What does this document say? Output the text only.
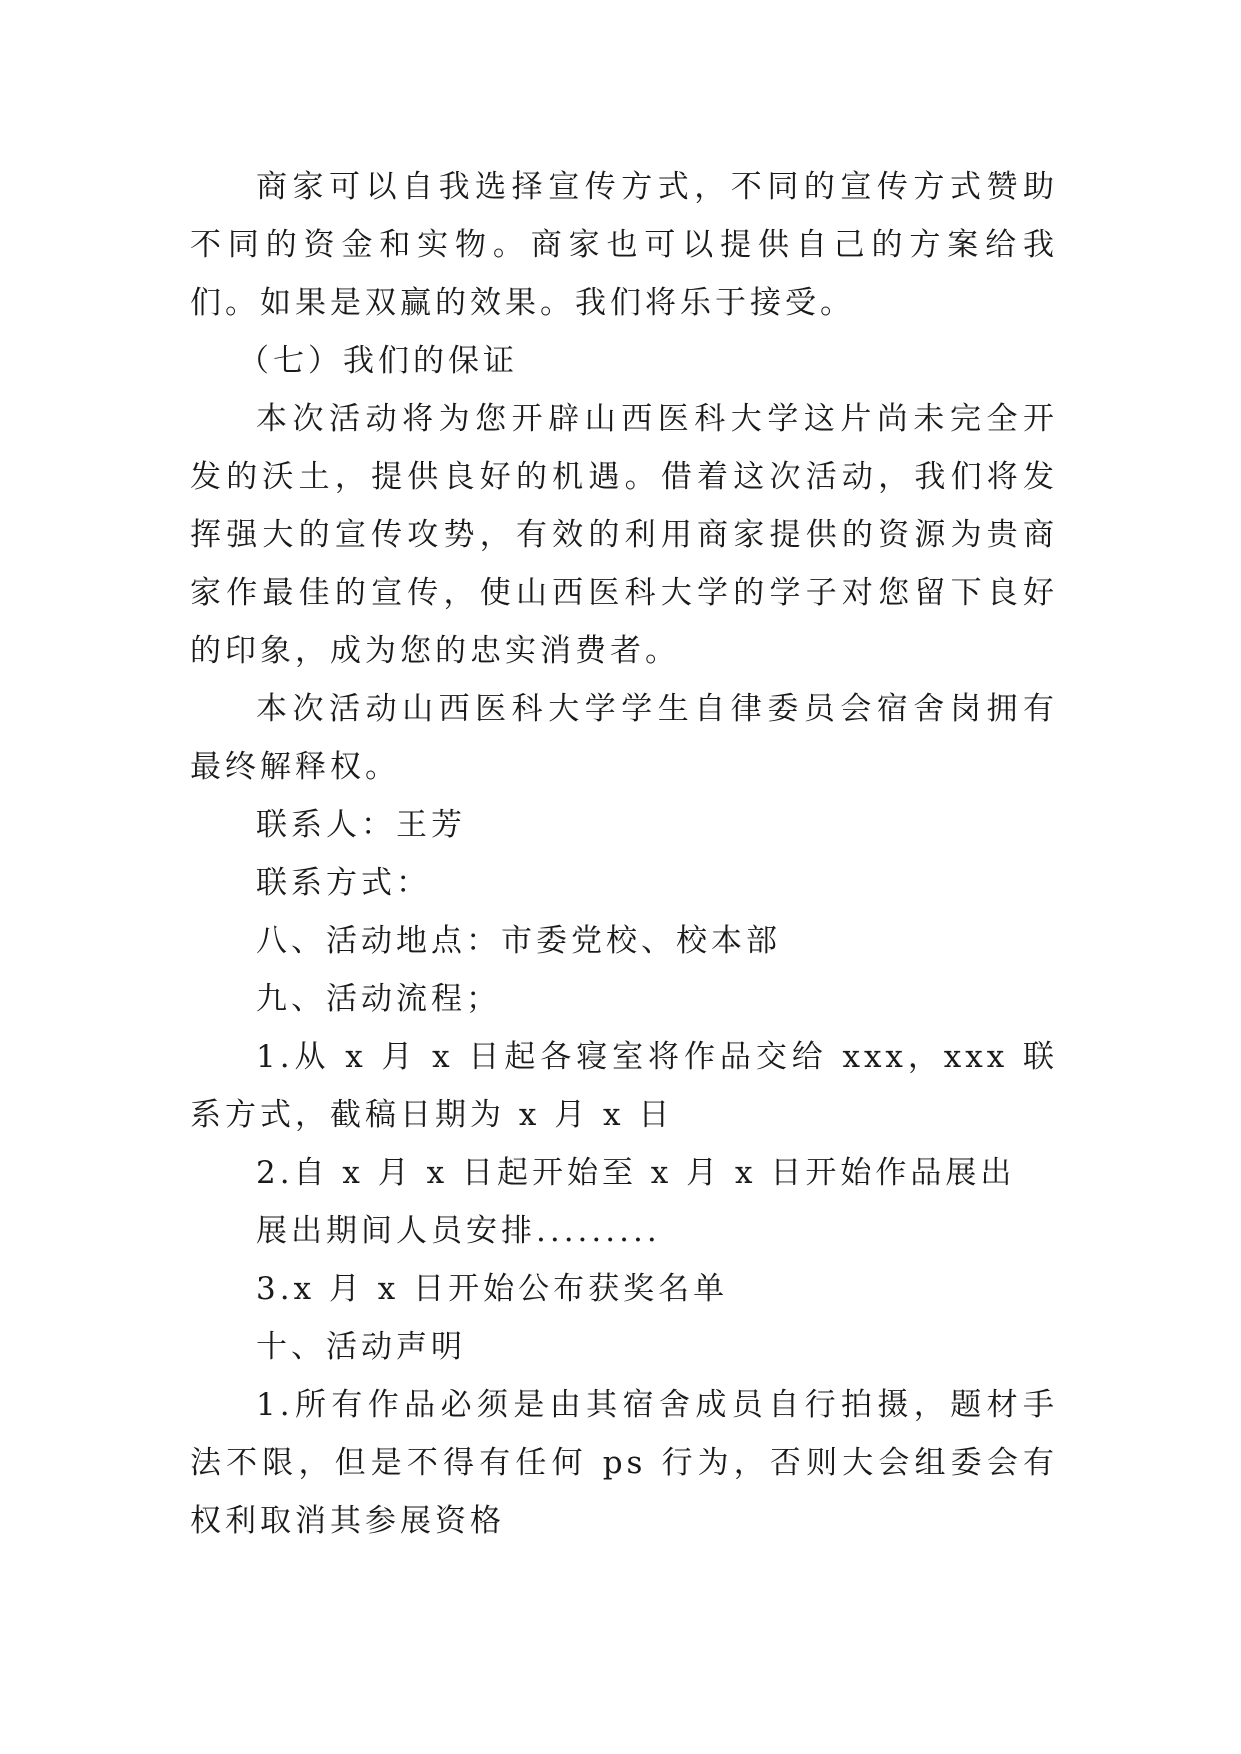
商家可以自我选择宣传方式，不同的宣传方式赞助不同的资金和实物。商家也可以提供自己的方案给我们。如果是双赢的效果。我们将乐于接受。

（七）我们的保证

本次活动将为您开辟山西医科大学这片尚未完全开发的沃土，提供良好的机遇。借着这次活动，我们将发挥强大的宣传攻势，有效的利用商家提供的资源为贵商家作最佳的宣传，使山西医科大学的学子对您留下良好的印象，成为您的忠实消费者。

本次活动山西医科大学学生自律委员会宿舍岗拥有最终解释权。

联系人：王芳

联系方式：

八、活动地点：市委党校、校本部

九、活动流程；

1.从 x 月 x 日起各寝室将作品交给 xxx，xxx 联系方式，截稿日期为 x 月 x 日

2.自 x 月 x 日起开始至 x 月 x 日开始作品展出

展出期间人员安排.........

3.x 月 x 日开始公布获奖名单

十、活动声明

1.所有作品必须是由其宿舍成员自行拍摄，题材手法不限，但是不得有任何 ps 行为，否则大会组委会有权利取消其参展资格
